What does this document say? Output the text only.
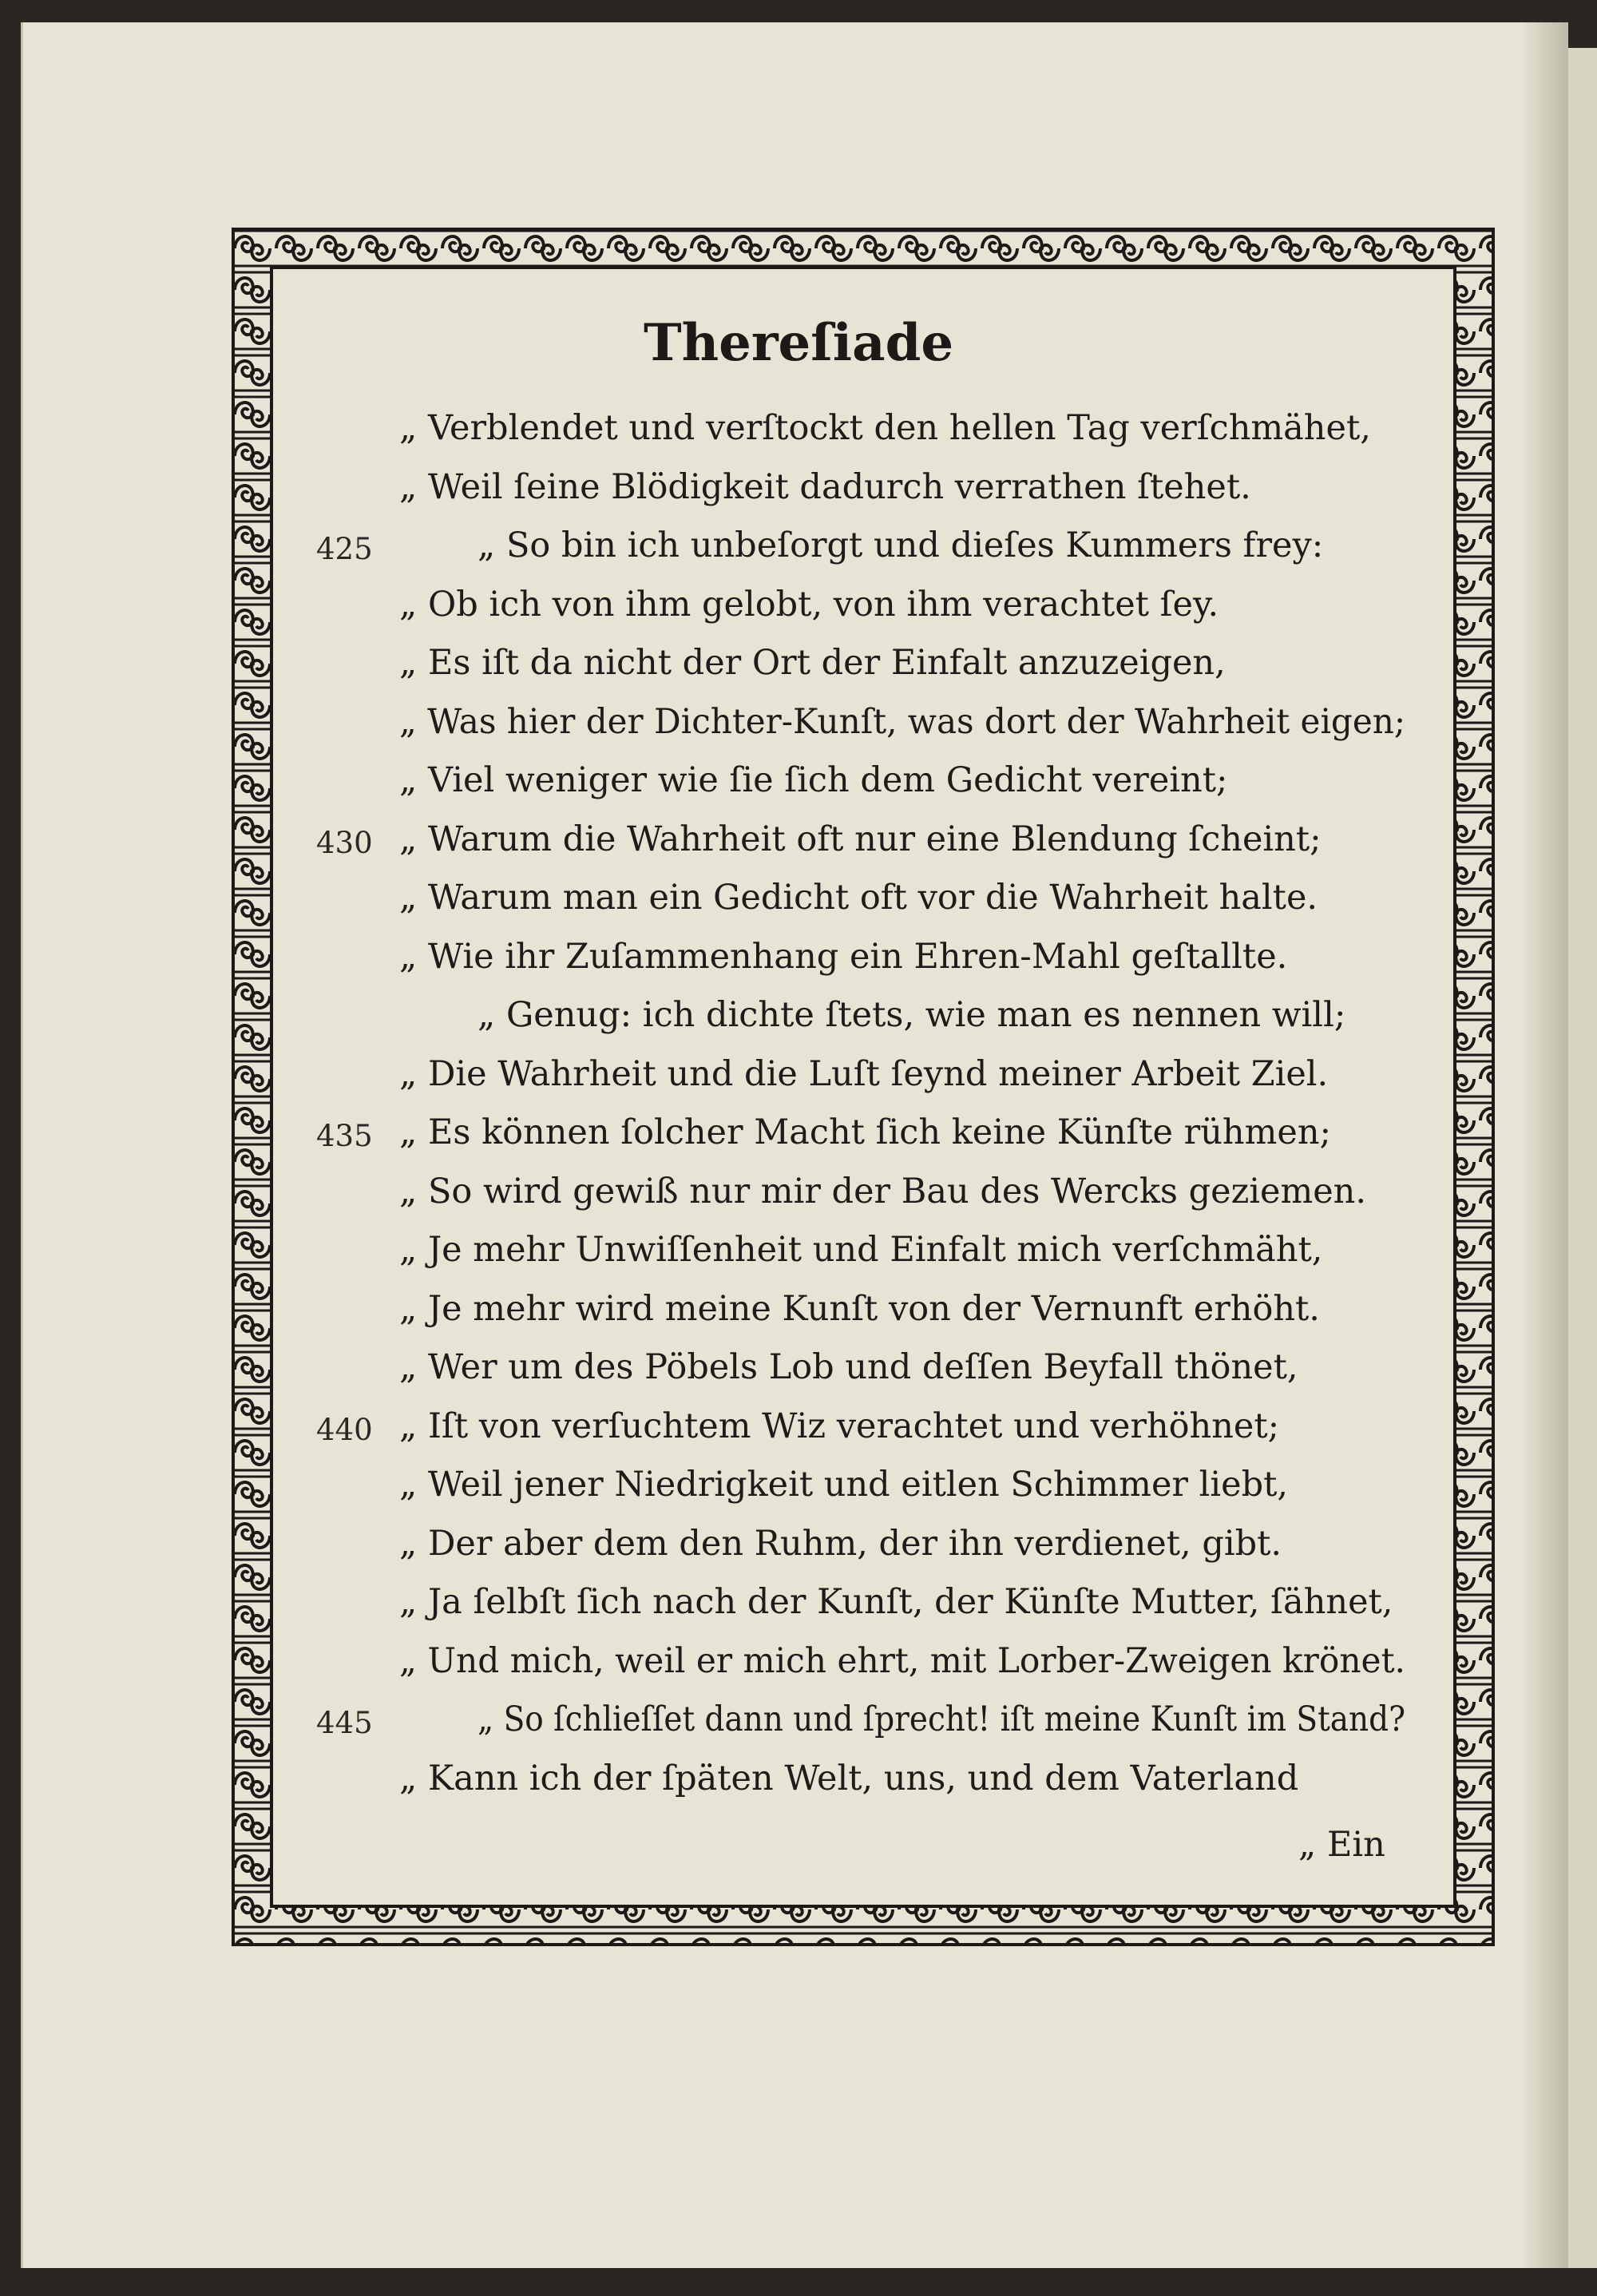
Thereſiade
„ Verblendet und verſtockt den hellen Tag verſchmähet,
„ Weil ſeine Blödigkeit dadurch verrathen ſtehet.
„ So bin ich unbeſorgt und dieſes Kummers frey:
425
„ Ob ich von ihm gelobt, von ihm verachtet ſey.
„ Es iſt da nicht der Ort der Einfalt anzuzeigen,
„ Was hier der Dichter-Kunſt, was dort der Wahrheit eigen;
„ Viel weniger wie ſie ſich dem Gedicht vereint;
„ Warum die Wahrheit oft nur eine Blendung ſcheint;
430
„ Warum man ein Gedicht oft vor die Wahrheit halte.
„ Wie ihr Zuſammenhang ein Ehren-Mahl geſtallte.
„ Genug: ich dichte ſtets, wie man es nennen will;
„ Die Wahrheit und die Luſt ſeynd meiner Arbeit Ziel.
„ Es können ſolcher Macht ſich keine Künſte rühmen;
435
„ So wird gewiß nur mir der Bau des Wercks geziemen.
„ Je mehr Unwiſſenheit und Einfalt mich verſchmäht,
„ Je mehr wird meine Kunſt von der Vernunft erhöht.
„ Wer um des Pöbels Lob und deſſen Beyfall thönet,
„ Iſt von verſuchtem Wiz verachtet und verhöhnet;
440
„ Weil jener Niedrigkeit und eitlen Schimmer liebt,
„ Der aber dem den Ruhm, der ihn verdienet, gibt.
„ Ja ſelbſt ſich nach der Kunſt, der Künſte Mutter, ſähnet,
„ Und mich, weil er mich ehrt, mit Lorber-Zweigen krönet.
„ So ſchlieſſet dann und ſprecht! iſt meine Kunſt im Stand?
445
„ Kann ich der ſpäten Welt, uns, und dem Vaterland
„ Ein
